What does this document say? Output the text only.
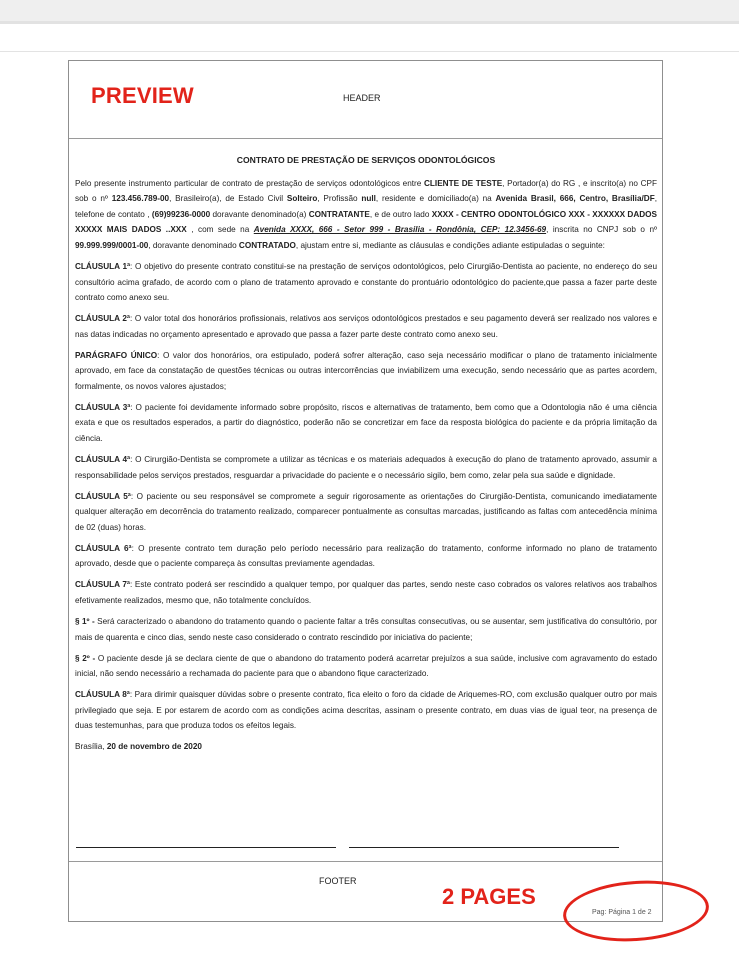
PREVIEW	HEADER

CONTRATO DE PRESTAÇÃO DE SERVIÇOS ODONTOLÓGICOS

Pelo presente instrumento particular de contrato de prestação de serviços odontológicos entre CLIENTE DE TESTE, Portador(a) do RG , e inscrito(a) no CPF sob o nº 123.456.789-00, Brasileiro(a), de Estado Civil Solteiro, Profissão null, residente e domiciliado(a) na Avenida Brasil, 666, Centro, Brasília/DF, telefone de contato , (69)99236-0000 doravante denominado(a) CONTRATANTE, e de outro lado XXXX - CENTRO ODONTOLÓGICO XXX - XXXXXX DADOS XXXXX MAIS DADOS ..XXX , com sede na Avenida XXXX, 666 - Setor 999 - Brasilia - Rondônia, CEP: 12.3456-69, inscrita no CNPJ sob o nº 99.999.999/0001-00, doravante denominado CONTRATADO, ajustam entre si, mediante as cláusulas e condições adiante estipuladas o seguinte:

CLÁUSULA 1ª: O objetivo do presente contrato constitui-se na prestação de serviços odontológicos, pelo Cirurgião-Dentista ao paciente, no endereço do seu consultório acima grafado, de acordo com o plano de tratamento aprovado e constante do prontuário odontológico do paciente,que passa a fazer parte deste contrato como anexo seu.

CLÁUSULA 2ª: O valor total dos honorários profissionais, relativos aos serviços odontológicos prestados e seu pagamento deverá ser realizado nos valores e nas datas indicadas no orçamento apresentado e aprovado que passa a fazer parte deste contrato como anexo seu.

PARÁGRAFO ÚNICO: O valor dos honorários, ora estipulado, poderá sofrer alteração, caso seja necessário modificar o plano de tratamento inicialmente aprovado, em face da constatação de questões técnicas ou outras intercorrências que inviabilizem uma execução, sendo necessário que as partes acordem, formalmente, os novos valores ajustados;

CLÁUSULA 3ª: O paciente foi devidamente informado sobre propósito, riscos e alternativas de tratamento, bem como que a Odontologia não é uma ciência exata e que os resultados esperados, a partir do diagnóstico, poderão não se concretizar em face da resposta biológica do paciente e da própria limitação da ciência.

CLÁUSULA 4ª: O Cirurgião-Dentista se compromete a utilizar as técnicas e os materiais adequados à execução do plano de tratamento aprovado, assumir a responsabilidade pelos serviços prestados, resguardar a privacidade do paciente e o necessário sigilo, bem como, zelar pela sua saúde e dignidade.

CLÁUSULA 5ª: O paciente ou seu responsável se compromete a seguir rigorosamente as orientações do Cirurgião-Dentista, comunicando imediatamente qualquer alteração em decorrência do tratamento realizado, comparecer pontualmente as consultas marcadas, justificando as faltas com antecedência mínima de 02 (duas) horas.

CLÁUSULA 6ª: O presente contrato tem duração pelo período necessário para realização do tratamento, conforme informado no plano de tratamento aprovado, desde que o paciente compareça às consultas previamente agendadas.

CLÁUSULA 7ª: Este contrato poderá ser rescindido a qualquer tempo, por qualquer das partes, sendo neste caso cobrados os valores relativos aos trabalhos efetivamente realizados, mesmo que, não totalmente concluídos.

§ 1º - Será caracterizado o abandono do tratamento quando o paciente faltar a três consultas consecutivas, ou se ausentar, sem justificativa do consultório, por mais de quarenta e cinco dias, sendo neste caso considerado o contrato rescindido por iniciativa do paciente;

§ 2º - O paciente desde já se declara ciente de que o abandono do tratamento poderá acarretar prejuízos a sua saúde, inclusive com agravamento do estado inicial, não sendo necessário a rechamada do paciente para que o abandono fique caracterizado.

CLÁUSULA 8ª: Para dirimir quaisquer dúvidas sobre o presente contrato, fica eleito o foro da cidade de Ariquemes-RO, com exclusão qualquer outro por mais privilegiado que seja. E por estarem de acordo com as condições acima descritas, assinam o presente contrato, em duas vias de igual teor, na presença de duas testemunhas, para que produza todos os efeitos legais.

Brasília, 20 de novembro de 2020

FOOTER
2 PAGES
Pag: Página 1 de 2
